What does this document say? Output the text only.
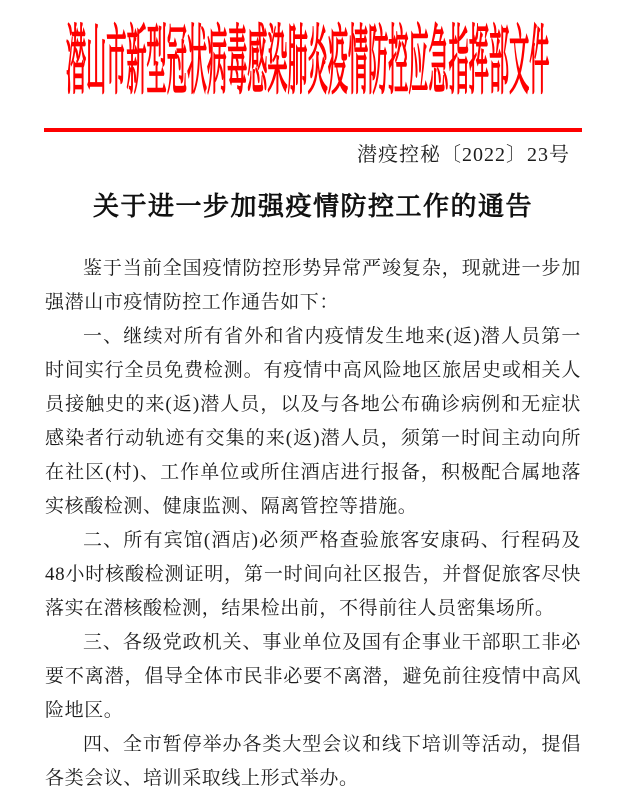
潜山市新型冠状病毒感染肺炎疫情防控应急指挥部文件
潜疫控秘〔2022〕23号
关于进一步加强疫情防控工作的通告

鉴于当前全国疫情防控形势异常严竣复杂，现就进一步加强潜山市疫情防控工作通告如下：

一、继续对所有省外和省内疫情发生地来(返)潜人员第一时间实行全员免费检测。有疫情中高风险地区旅居史或相关人员接触史的来(返)潜人员，以及与各地公布确诊病例和无症状感染者行动轨迹有交集的来(返)潜人员，须第一时间主动向所在社区(村)、工作单位或所住酒店进行报备，积极配合属地落实核酸检测、健康监测、隔离管控等措施。

二、所有宾馆(酒店)必须严格查验旅客安康码、行程码及48小时核酸检测证明，第一时间向社区报告，并督促旅客尽快落实在潜核酸检测，结果检出前，不得前往人员密集场所。

三、各级党政机关、事业单位及国有企事业干部职工非必要不离潜，倡导全体市民非必要不离潜，避免前往疫情中高风险地区。

四、全市暂停举办各类大型会议和线下培训等活动，提倡各类会议、培训采取线上形式举办。
